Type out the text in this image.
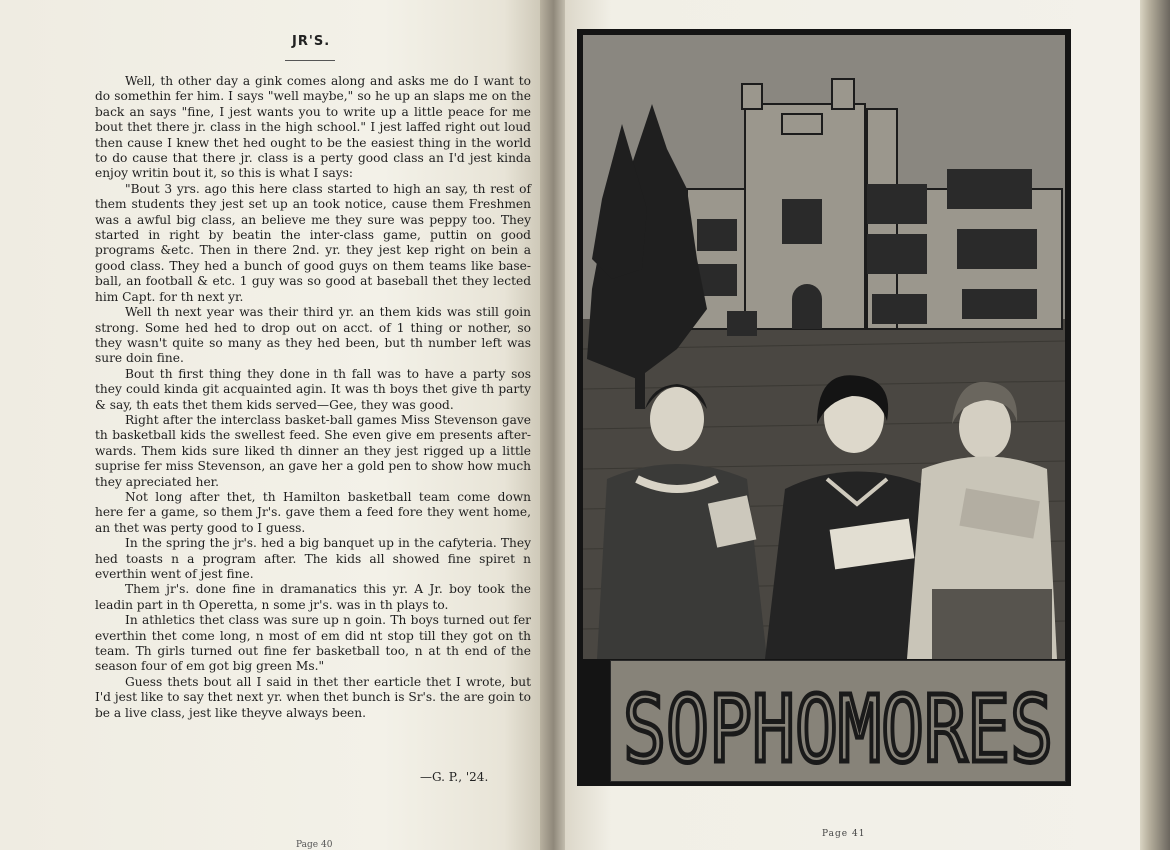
JR'S.

Well, th other day a gink comes along and asks me do I want to do somethin fer him. I says "well maybe," so he up an slaps me on the back an says "fine, I jest wants you to write up a little peace for me bout thet there jr. class in the high school." I jest laffed right out loud then cause I knew thet hed ought to be the easiest thing in the world to do cause that there jr. class is a perty good class an I'd jest kinda enjoy writin bout it, so this is what I says:

"Bout 3 yrs. ago this here class started to high an say, th rest of them students they jest set up an took notice, cause them Freshmen was a awful big class, an believe me they sure was peppy too. They started in right by beatin the inter-class game, puttin on good programs &etc. Then in there 2nd. yr. they jest kep right on bein a good class. They hed a bunch of good guys on them teams like base-ball, an football & etc. 1 guy was so good at baseball thet they lected him Capt. for th next yr.

Well th next year was their third yr. an them kids was still goin strong. Some hed hed to drop out on acct. of 1 thing or nother, so they wasn't quite so many as they hed been, but th number left was sure doin fine.

Bout th first thing they done in th fall was to have a party sos they could kinda git acquainted agin. It was th boys thet give th party & say, th eats thet them kids served—Gee, they was good.

Right after the interclass basket-ball games Miss Stevenson gave th basketball kids the swellest feed. She even give em presents after-wards. Them kids sure liked th dinner an they jest rigged up a little suprise fer miss Stevenson, an gave her a gold pen to show how much they apreciated her.

Not long after thet, th Hamilton basketball team come down here fer a game, so them Jr's. gave them a feed fore they went home, an thet was perty good to I guess.

In the spring the jr's. hed a big banquet up in the cafyteria. They hed toasts n a program after. The kids all showed fine spiret n everthin went of jest fine.

Them jr's. done fine in dramanatics this yr. A Jr. boy took the leadin part in th Operetta, n some jr's. was in th plays to.

In athletics thet class was sure up n goin. Th boys turned out fer everthin thet come long, n most of em did nt stop till they got on th team. Th girls turned out fine fer basketball too, n at th end of the season four of em got big green Ms."

Guess thets bout all I said in thet ther earticle thet I wrote, but I'd jest like to say thet next yr. when thet bunch is Sr's. the are goin to be a live class, jest like theyve always been.

—G. P., '24.
Page 40
SOPHOMORES
Page 41
